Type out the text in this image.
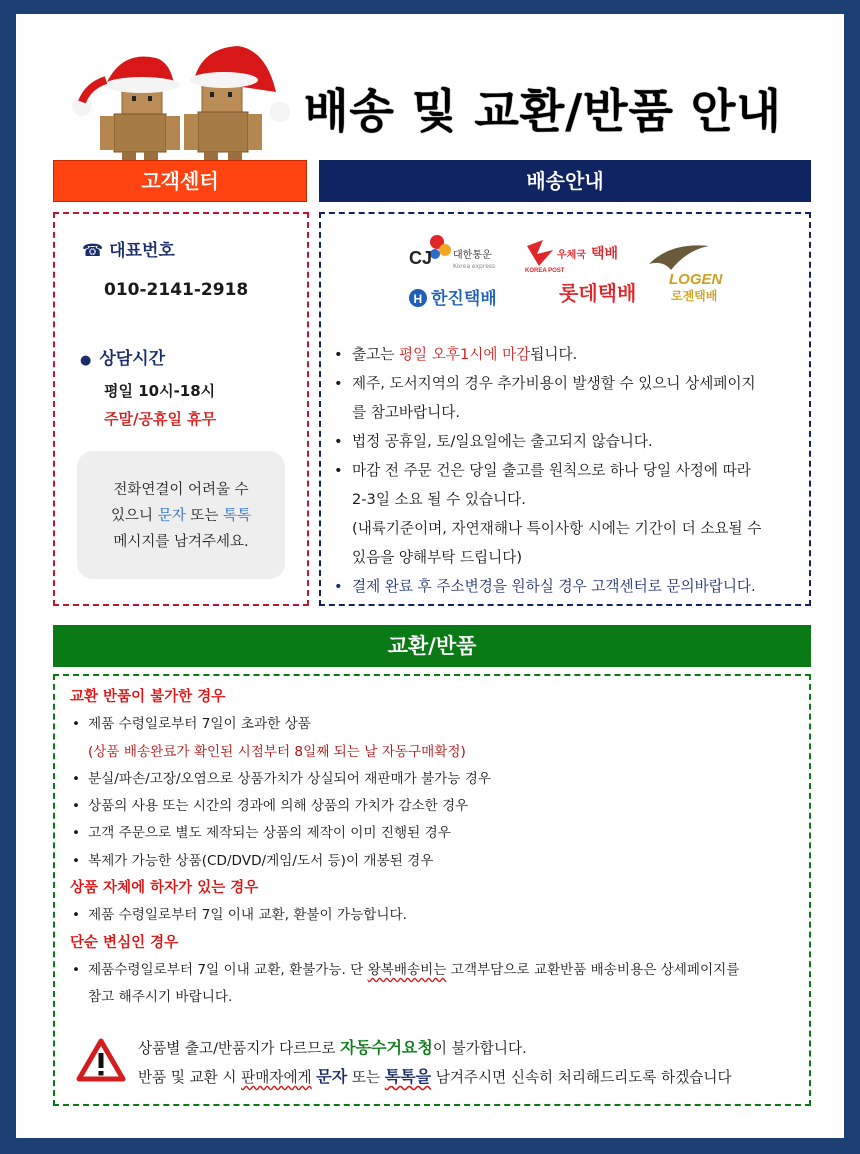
배송 및 교환/반품 안내
고객센터	배송안내
☎ 대표번호
010-2141-2918
● 상담시간
평일 10시-18시
주말/공휴일 휴무
전화연결이 어려울 수
있으니 문자 또는 톡톡
메시지를 남겨주세요.
CJ 대한통운
Korea express
KOREA POST
우체국 택배
LOGEN
로젠택배
H 한진택배	롯데택배
• 출고는 평일 오후1시에 마감됩니다.
• 제주, 도서지역의 경우 추가비용이 발생할 수 있으니 상세페이지
를 참고바랍니다.
• 법정 공휴일, 토/일요일에는 출고되지 않습니다.
• 마감 전 주문 건은 당일 출고를 원칙으로 하나 당일 사정에 따라
2-3일 소요 될 수 있습니다.
(내륙기준이며, 자연재해나 특이사항 시에는 기간이 더 소요될 수
있음을 양해부탁 드립니다)
• 결제 완료 후 주소변경을 원하실 경우 고객센터로 문의바랍니다.
교환/반품
교환 반품이 불가한 경우
• 제품 수령일로부터 7일이 초과한 상품
(상품 배송완료가 확인된 시점부터 8일째 되는 날 자동구매확정)
• 분실/파손/고장/오염으로 상품가치가 상실되어 재판매가 불가능 경우
• 상품의 사용 또는 시간의 경과에 의해 상품의 가치가 감소한 경우
• 고객 주문으로 별도 제작되는 상품의 제작이 이미 진행된 경우
• 복제가 가능한 상품(CD/DVD/게임/도서 등)이 개봉된 경우
상품 자체에 하자가 있는 경우
• 제품 수령일로부터 7일 이내 교환, 환불이 가능합니다.
단순 변심인 경우
• 제품수령일로부터 7일 이내 교환, 환불가능. 단 왕복배송비는 고객부담으로 교환반품 배송비용은 상세페이지를
참고 해주시기 바랍니다.
상품별 출고/반품지가 다르므로 자동수거요청이 불가합니다.
반품 및 교환 시 판매자에게 문자 또는 톡톡을 남겨주시면 신속히 처리해드리도록 하겠습니다
